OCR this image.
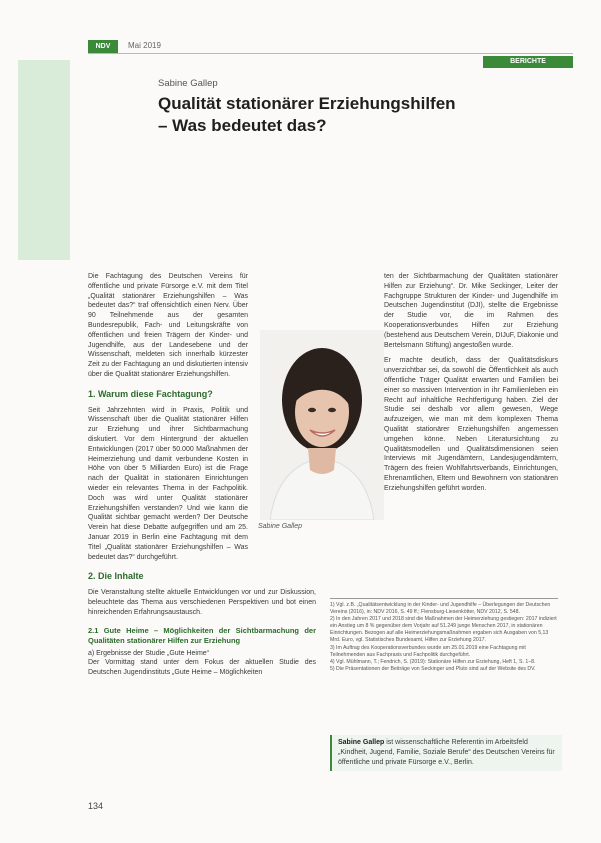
NDV	Mai 2019
BERICHTE
Sabine Gallep
Qualität stationärer Erziehungshilfen
– Was bedeutet das?

Die Fachtagung des Deutschen Vereins für öffentliche und private Fürsorge e.V. mit dem Titel „Qualität stationärer Erziehungshilfen – Was bedeutet das?“ traf offensichtlich einen Nerv. Über 90 Teilnehmende aus der gesamten Bundesrepublik, Fach- und Leitungskräfte von öffentlichen und freien Trägern der Kinder- und Jugendhilfe, aus der Landesebene und der Wissenschaft, meldeten sich innerhalb kürzester Zeit zu der Fachtagung an und diskutierten intensiv über die Qualität stationärer Erziehungshilfen.

1. Warum diese Fachtagung?

Seit Jahrzehnten wird in Praxis, Politik und Wissenschaft über die Qualität stationärer Hilfen zur Erziehung und ihrer Sichtbarmachung diskutiert. Vor dem Hintergrund der aktuellen Entwicklungen (2017 über 50.000 Maßnahmen der Heimerziehung und damit verbundene Kosten in Höhe von über 5 Milliarden Euro) ist die Frage nach der Qualität in stationären Einrichtungen wieder ein relevantes Thema in der Fachpolitik. Doch was wird unter Qualität stationärer Erziehungshilfen verstanden? Und wie kann die Qualität sichtbar gemacht werden? Der Deutsche Verein hat diese Debatte aufgegriffen und am 25. Januar 2019 in Berlin eine Fachtagung mit dem Titel „Qualität stationärer Erziehungshilfen – Was bedeutet das?“ durchgeführt.

2. Die Inhalte

Die Veranstaltung stellte aktuelle Entwicklungen vor und zur Diskussion, beleuchtete das Thema aus verschiedenen Perspektiven und bot einen hinreichenden Erfahrungsaustausch.

2.1 Gute Heime – Möglichkeiten der Sichtbarmachung der Qualitäten stationärer Hilfen zur Erziehung

a) Ergebnisse der Studie „Gute Heime“

Der Vormittag stand unter dem Fokus der aktuellen Studie des Deutschen Jugendinstituts „Gute Heime – Möglichkeiten

ten der Sichtbarmachung der Qualitäten stationärer Hilfen zur Erziehung“. Dr. Mike Seckinger, Leiter der Fachgruppe Strukturen der Kinder- und Jugendhilfe im Deutschen Jugendinstitut (DJI), stellte die Ergebnisse der Studie vor, die im Rahmen des Kooperationsverbundes Hilfen zur Erziehung (bestehend aus Deutschem Verein, DIJuF, Diakonie und Bertelsmann Stiftung) angestoßen wurde.

Er machte deutlich, dass der Qualitätsdiskurs unverzichtbar sei, da sowohl die Öffentlichkeit als auch öffentliche Träger Qualität erwarten und Familien bei einer so massiven Intervention in ihr Familienleben ein Recht auf inhaltliche Rechtfertigung haben. Ziel der Studie sei deshalb vor allem gewesen, Wege aufzuzeigen, wie man mit dem komplexen Thema Qualität stationärer Erziehungshilfen angemessen umgehen könne. Neben Literatursichtung zu Qualitätsmodellen und Qualitätsdimensionen seien Interviews mit Jugendämtern, Landesjugendämtern, Trägern des freien Wohlfahrtsverbands, Einrichtungen, Ehrenamtlichen, Eltern und Bewohnern von stationären Erziehungshilfen geführt worden.

Sabine Gallep

1) Vgl. z.B. „Qualitätsentwicklung in der Kinder- und Jugendhilfe – Überlegungen der Deutschen Vereins (2016), in: NDV 2016, S. 49 ff.; Flensburg-Liesenkötter, NDV 2012, S. 548.

2) In den Jahren 2017 und 2018 sind die Maßnahmen der Heimerziehung gestiegen: 2017 indiziert ein Anstieg um 8 % gegenüber dem Vorjahr auf 51.249 junge Menschen 2017, in stationären Einrichtungen. Bezogen auf alle Heimerziehungsmaßnahmen ergaben sich Ausgaben von 5,13 Mrd. Euro, vgl. Statistisches Bundesamt, Hilfen zur Erziehung 2017.

3) Im Auftrag des Kooperationsverbundes wurde am 25.01.2019 eine Fachtagung mit Teilnehmenden aus Fachpraxis und Fachpolitik durchgeführt.

4) Vgl. Mühlmann, T.; Fendrich, S. (2019): Stationäre Hilfen zur Erziehung, Heft 1, S. 1–8.

5) Die Präsentationen der Beiträge von Seckinger und Pluto sind auf der Website des DV.

Sabine Gallep ist wissenschaftliche Referentin im Arbeitsfeld „Kindheit, Jugend, Familie, Soziale Berufe“ des Deutschen Vereins für öffentliche und private Fürsorge e.V., Berlin.
134
